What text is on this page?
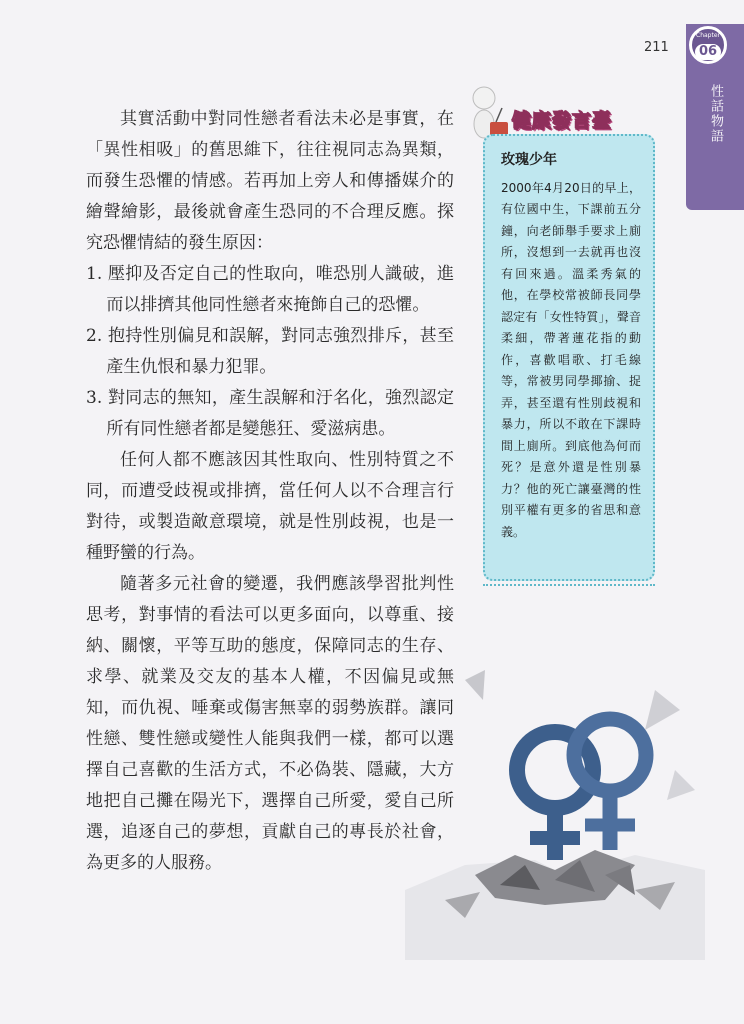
211
Chapter
06
性話物語

其實活動中對同性戀者看法未必是事實，在「異性相吸」的舊思維下，往往視同志為異類，而發生恐懼的情感。若再加上旁人和傳播媒介的繪聲繪影，最後就會產生恐同的不合理反應。探究恐懼情結的發生原因：

1. 壓抑及否定自己的性取向，唯恐別人識破，進而以排擠其他同性戀者來掩飾自己的恐懼。
2. 抱持性別偏見和誤解，對同志強烈排斥，甚至產生仇恨和暴力犯罪。
3. 對同志的無知，產生誤解和汙名化，強烈認定所有同性戀者都是變態狂、愛滋病患。

任何人都不應該因其性取向、性別特質之不同，而遭受歧視或排擠，當任何人以不合理言行對待，或製造敵意環境，就是性別歧視，也是一種野蠻的行為。

隨著多元社會的變遷，我們應該學習批判性思考，對事情的看法可以更多面向，以尊重、接納、關懷，平等互助的態度，保障同志的生存、求學、就業及交友的基本人權，不因偏見或無知，而仇視、唾棄或傷害無辜的弱勢族群。讓同性戀、雙性戀或變性人能與我們一樣，都可以選擇自己喜歡的生活方式，不必偽裝、隱藏，大方地把自己攤在陽光下，選擇自己所愛，愛自己所選，追逐自己的夢想，貢獻自己的專長於社會，為更多的人服務。

健康發言臺
玫瑰少年

2000年4月20日的早上，有位國中生，下課前五分鐘，向老師舉手要求上廁所，沒想到一去就再也沒有回來過。溫柔秀氣的他，在學校常被師長同學認定有「女性特質」，聲音柔細，帶著蓮花指的動作，喜歡唱歌、打毛線等，常被男同學揶揄、捉弄，甚至還有性別歧視和暴力，所以不敢在下課時間上廁所。到底他為何而死？是意外還是性別暴力？他的死亡讓臺灣的性別平權有更多的省思和意義。
